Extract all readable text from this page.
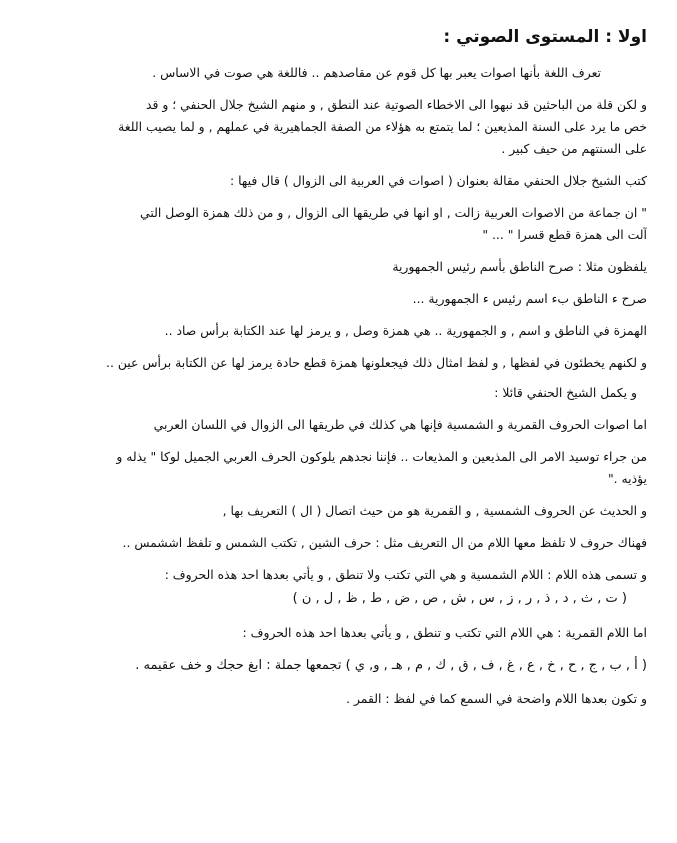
اولا : المستوى الصوتي :
تعرف اللغة بأنها اصوات يعبر بها كل قوم عن مقاصدهم .. فاللغة هي صوت في الاساس .
و لكن قلة من الباحثين قد نبهوا الى الاخطاء الصوتية عند النطق , و منهم الشيخ جلال الحنفي ؛ و قد
خص ما يرد على السنة المذيعين ؛ لما يتمتع به هؤلاء من الصفة الجماهيرية في عملهم , و لما يصيب اللغة
على السنتهم من حيف كبير .
كتب الشيخ جلال الحنفي مقالة بعنوان ( اصوات في العربية الى الزوال ) قال فيها :
" ان جماعة من الاصوات العربية زالت , او انها في طريقها الى الزوال , و من ذلك همزة الوصل التي
آلت الى همزة قطع قسرا " ... "
يلفظون مثلا : صرح الناطق بأسم رئيس الجمهورية
صرح ء الناطق بء اسم رئيس ء الجمهورية ...
الهمزة في الناطق و اسم , و الجمهورية .. هي همزة وصل , و يرمز لها عند الكتابة برأس صاد ..
و لكنهم يخطئون في لفظها , و لفظ امثال ذلك فيجعلونها همزة قطع حادة يرمز لها عن الكتابة برأس عين ..
و يكمل الشيخ الحنفي قائلا :
اما اصوات الحروف القمرية و الشمسية فإنها هي كذلك في طريقها الى الزوال في اللسان العربي
من جراء توسيد الامر الى المذيعين و المذيعات .. فإننا نجدهم يلوكون الحرف العربي الجميل لوكا " يذله و
يؤذيه ."
و الحديث عن الحروف الشمسية , و القمرية هو من حيث اتصال ( ال ) التعريف بها ,
فهناك حروف لا تلفظ معها اللام من ال التعريف مثل : حرف الشين , تكتب الشمس و تلفظ اششمس ..
و تسمى هذه اللام : اللام الشمسية و هي التي تكتب ولا تنطق , و يأتي بعدها احد هذه الحروف :
( ت , ث , د , ذ , ر , ز , س , ش , ص , ض , ط , ظ , ل , ن )
اما اللام القمرية : هي اللام التي تكتب و تنطق , و يأتي بعدها احد هذه الحروف :
( أ , ب , ج , ح , خ , ع , غ , ف , ق , ك , م , هـ , و, ي ) تجمعها جملة : ابغ حجك و خف عقيمه .
و تكون بعدها اللام واضحة في السمع كما في لفظ : القمر .
